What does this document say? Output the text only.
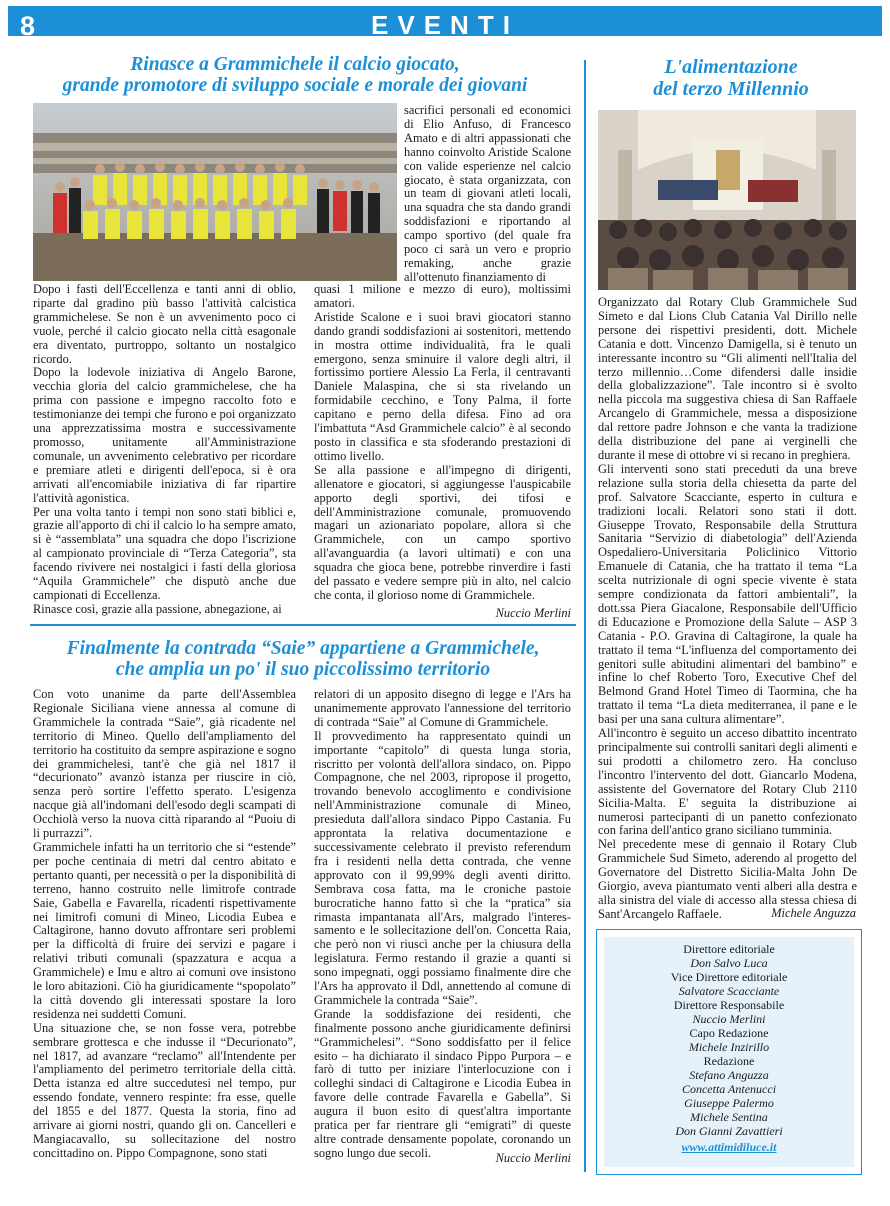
8	EVENTI
Rinasce a Grammichele il calcio giocato,
grande promotore di sviluppo sociale e morale dei giovani

Dopo i fasti dell'Eccellenza e tanti anni di oblio, riparte dal gradino più basso l'attività calcistica grammichelese. Se non è un avvenimento poco ci vuole, perché il calcio giocato nella città esagonale era diventato, purtroppo, soltanto un nostalgico ricordo.

Dopo la lodevole iniziativa di Angelo Barone, vecchia gloria del calcio grammichelese, che ha prima con passione e impegno raccolto foto e testimonianze dei tempi che furono e poi organizzato una apprezzatissima mostra e successivamente promosso, unitamente all'Amministrazione comunale, un avvenimento celebrativo per ricordare e premiare atleti e dirigenti dell'epoca, si è ora arrivati all'encomiabile iniziativa di far ripartire l'attività agonistica.

Per una volta tanto i tempi non sono stati biblici e, grazie all'apporto di chi il calcio lo ha sempre amato, si è “assemblata” una squadra che dopo l'iscrizione al campionato provinciale di “Terza Categoria”, sta facendo rivivere nei nostalgici i fasti della gloriosa “Aquila Grammichele” che disputò anche due campionati di Eccellenza.

Rinasce così, grazie alla passione, abnegazione, ai

sacrifici personali ed economici di Elio Anfuso, di Francesco Amato e di altri appassionati che hanno coinvolto Aristide Scalone con valide esperienze nel calcio giocato, è stata organizzata, con un team di giovani atleti locali, una squadra che sta dando grandi soddisfazioni e riportando al campo sportivo (del quale fra poco ci sarà un vero e proprio remaking, anche grazie all'ottenuto finanziamento di

quasi 1 milione e mezzo di euro), moltissimi amatori.

Aristide Scalone e i suoi bravi giocatori stanno dando grandi soddisfazioni ai sostenitori, mettendo in mostra ottime individualità, fra le quali emergono, senza sminuire il valore degli altri, il fortissimo portiere Alessio La Ferla, il centravanti Daniele Malaspina, che si sta rivelando un formidabile cecchino, e Tony Palma, il forte capitano e perno della difesa. Fino ad ora l'imbattuta “Asd Grammichele calcio” è al secondo posto in classifica e sta sfoderando prestazioni di ottimo livello.

Se alla passione e all'impegno di dirigenti, allenatore e giocatori, si aggiungesse l'auspicabile apporto degli sportivi, dei tifosi e dell'Amministrazione comunale, promuovendo magari un azionariato popolare, allora sì che Grammichele, con un campo sportivo all'avanguardia (a lavori ultimati) e con una squadra che gioca bene, potrebbe rinverdire i fasti del passato e vedere sempre più in alto, nel calcio che conta, il glorioso nome di Grammichele.

Nuccio Merlini
Finalmente la contrada “Saie” appartiene a Grammichele,
che amplia un po' il suo piccolissimo territorio

Con voto unanime da parte dell'Assemblea Regionale Siciliana viene annessa al comune di Grammichele la contrada “Saie”, già ricadente nel territorio di Mineo. Quello dell'ampliamento del territorio ha costituito da sempre aspirazione e sogno dei grammichelesi, tant'è che già nel 1817 il “decurionato” avanzò istanza per riuscire in ciò, senza però sortire l'effetto sperato. L'esigenza nacque già all'indomani dell'esodo degli scampati di Occhiolà verso la nuova città riparando al “Puoiu di li purrazzi”.

Grammichele infatti ha un territorio che si “estende” per poche centinaia di metri dal centro abitato e pertanto quanti, per necessità o per la disponibilità di terreno, hanno costruito nelle limitrofe contrade Saie, Gabella e Favarella, ricadenti rispettivamente nei limitrofi comuni di Mineo, Licodia Eubea e Caltagirone, hanno dovuto affrontare seri problemi per la difficoltà di fruire dei servizi e pagare i relativi tributi comunali (spazzatura e acqua a Grammichele) e Imu e altro ai comuni ove insistono le loro abitazioni. Ciò ha giuridicamente “spopolato” la città dovendo gli interessati spostare la loro residenza nei suddetti Comuni.

Una situazione che, se non fosse vera, potrebbe sembrare grottesca e che indusse il “Decurionato”, nel 1817, ad avanzare “reclamo” all'Intendente per l'ampliamento del perimetro territoriale della città. Detta istanza ed altre succedutesi nel tempo, pur essendo fondate, vennero respinte: fra esse, quelle del 1855 e del 1877. Questa la storia, fino ad arrivare ai giorni nostri, quando gli on. Cancelleri e Mangiacavallo, su sollecitazione del nostro concittadino on. Pippo Compagnone, sono stati

relatori di un apposito disegno di legge e l'Ars ha unanimemente approvato l'annessione del territorio di contrada “Saie” al Comune di Grammichele.

Il provvedimento ha rappresentato quindi un importante “capitolo” di questa lunga storia, riscritto per volontà dell'allora sindaco, on. Pippo Compagnone, che nel 2003, ripropose il progetto, trovando benevolo accoglimento e condivisione nell'Amministrazione comunale di Mineo, presieduta dall'allora sindaco Pippo Castania. Fu approntata la relativa documentazione e successivamente celebrato il previsto referendum fra i residenti nella detta contrada, che venne approvato con il 99,99% degli aventi diritto. Sembrava cosa fatta, ma le croniche pastoie burocratiche hanno fatto sì che la “pratica” sia rimasta impantanata all'Ars, malgrado l'interes-samento e le sollecitazione dell'on. Concetta Raia, che però non vi riuscì anche per la chiusura della legislatura. Fermo restando il grazie a quanti si sono impegnati, oggi possiamo finalmente dire che l'Ars ha approvato il Ddl, annettendo al comune di Grammichele la contrada “Saie”.

Grande la soddisfazione dei residenti, che finalmente possono anche giuridicamente definirsi “Grammichelesi”. “Sono soddisfatto per il felice esito – ha dichiarato il sindaco Pippo Purpora – e farò di tutto per iniziare l'interlocuzione con i colleghi sindaci di Caltagirone e Licodia Eubea in favore delle contrade Favarella e Gabella”. Si augura il buon esito di quest'altra importante pratica per far rientrare gli “emigrati” di queste altre contrade densamente popolate, coronando un sogno lungo due secoli.	Nuccio Merlini
L'alimentazione
del terzo Millennio

Organizzato dal Rotary Club Grammichele Sud Simeto e dal Lions Club Catania Val Dirillo nelle persone dei rispettivi presidenti, dott. Michele Catania e dott. Vincenzo Damigella, si è tenuto un interessante incontro su “Gli alimenti nell'Italia del terzo millennio…Come difendersi dalle insidie della globalizzazione”. Tale incontro si è svolto nella piccola ma suggestiva chiesa di San Raffaele Arcangelo di Grammichele, messa a disposizione dal rettore padre Johnson e che vanta la tradizione della distribuzione del pane ai verginelli che durante il mese di ottobre vi si recano in preghiera.

Gli interventi sono stati preceduti da una breve relazione sulla storia della chiesetta da parte del prof. Salvatore Scacciante, esperto in cultura e tradizioni locali. Relatori sono stati il dott. Giuseppe Trovato, Responsabile della Struttura Sanitaria “Servizio di diabetologia” dell'Azienda Ospedaliero-Universitaria Policlinico Vittorio Emanuele di Catania, che ha trattato il tema “La scelta nutrizionale di ogni specie vivente è stata sempre condizionata da fattori ambientali”, la dott.ssa Piera Giacalone, Responsabile dell'Ufficio di Educazione e Promozione della Salute – ASP 3 Catania - P.O. Gravina di Caltagirone, la quale ha trattato il tema “L'influenza del comportamento dei genitori sulle abitudini alimentari del bambino” e infine lo chef Roberto Toro, Executive Chef del Belmond Grand Hotel Timeo di Taormina, che ha trattato il tema “La dieta mediterranea, il pane e le basi per una sana cultura alimentare”.

All'incontro è seguito un acceso dibattito incentrato principalmente sui controlli sanitari degli alimenti e sui prodotti a chilometro zero. Ha concluso l'incontro l'intervento del dott. Giancarlo Modena, assistente del Governatore del Rotary Club 2110 Sicilia-Malta. E' seguita la distribuzione ai numerosi partecipanti di un panetto confezionato con farina dell'antico grano siciliano tumminia.

Nel precedente mese di gennaio il Rotary Club Grammichele Sud Simeto, aderendo al progetto del Governatore del Distretto Sicilia-Malta John De Giorgio, aveva piantumato venti alberi alla destra e alla sinistra del viale di accesso alla stessa chiesa di Sant'Arcangelo Raffaele.	Michele Anguzza
Direttore editoriale
Don Salvo Luca
Vice Direttore editoriale
Salvatore Scacciante
Direttore Responsabile
Nuccio Merlini
Capo Redazione
Michele Inzirillo
Redazione
Stefano Anguzza
Concetta Antenucci
Giuseppe Palermo
Michele Sentina
Don Gianni Zavattieri
www.attimidiluce.it
